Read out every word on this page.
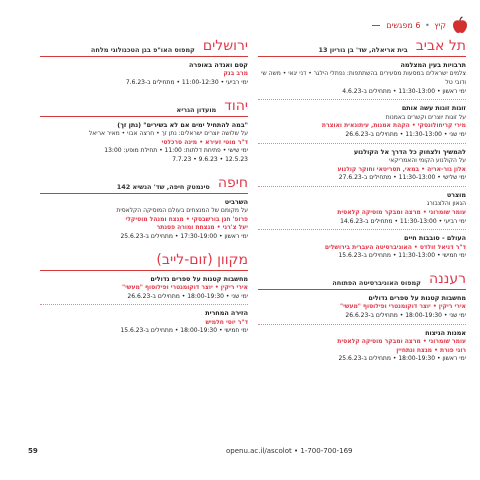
קיץ • 6 מפגשים
תל אביב
בית אריאלה, שד' בן גוריון 13
תרבויות בעין המצלמה
צלמים ישראלים במסעות מסעירים בהשתתפות: נפתלי הילגר • דני יגאי • משה שי ודובי טל
ימי ראשון • 11:30-13:00 • מתחילים ב-4.6.23
זוגות זוגות עשה אותם
על זוגות יוצרים וקשרים באמנות
מירי קריחולונסקי • הקהת אמנות, עיתונאית ואוצרת
ימי שני • 11:30-13:00 • מתחילים ב-26.6.23
להמשיך ולצחוק כל הדרך אל הקולנוע
על הקולנוע הקומי והאמריקאי
אלון גור-אריה • במאי, תסריטאי וחוקר קולנוע
ימי שלישי • 11:30-13:00 • מתחילים ב-27.6.23
מוצרט
הגאון והלצבורג
עומר שומרוני • מרצה ומבקר מוסיקה קלאסית
ימי רביעי • 11:30-13:00 • מתחילים ב-14.6.23
העולם - סובבות חיים
ד"ר דניאל זולדס • האוניברסיטה העברית בירושלים
ימי חמישי • 11:30-13:00 • מתחילים ב-15.6.23
רעננה
קמפוס האוניברסיטה הפתוחה
מחשבות קטנות על ספרים גדולים
אירי ריקין • יוצר דוקומנטרי ופילוסוף "מעשי"
ימי שני • 18:00-19:30 • מתחילים ב-26.6.23
אמנות הניצוח
עומר שומרוני • מרצה ומבקר מוסיקה קלאסית
רוני פורת • מנצח ונתחיין
ימי ראשון • 18:00-19:30 • מתחילים ב-25.6.23
ירושלים
קמפוס האו"פ בגן הטכנולוגי מלחה
קסם ואגדה באופרה
מרב בנק
ימי רביעי • 11:00-12:30 • מתחילים ב-7.6.23
יהוד
מועדון הגריא
"במה להתחיל ימים אם לא בשירים" (נתן זך)
על שלושה יוצרים ישראלים: נתן זך • חרצה אבוי • מאיר אריאל
ד"ר מוטי זעירא • מינה סרכלסי
ימי שישי • פתיחת דלתות: 11:00 • תחילת מופע: 13:00
12.5.23 • 9.6.23 • 7.7.23
חיפה
סינמטק חיפה, שד' הנשיא 142
השרביט
על מקומם של המנצחים בעולם המוסיקה הקלאסית
פרופ' חגן בורשבסקי • מנצח ומנהל מוסיקלי
יעל צ'רני • מנצחת ומורה פסנתר
ימי ראשון • 17:30-19:00 • מתחילים ב-25.6.23
מקוון (זום-לייב)
מחשבות קטנות על ספרים גדולים
אירי ריקין • יוצר דוקומנטרי ופילוסוף "מעשי"
ימי שני • 18:00-19:30 • מתחילים ב-26.6.23
הזירה המחרית
ד"ר יוסי חלמיש
ימי חמישי • 18:00-19:30 • מתחילים ב-15.6.23
59	openu.ac.il/ascolot • 1-700-700-169
